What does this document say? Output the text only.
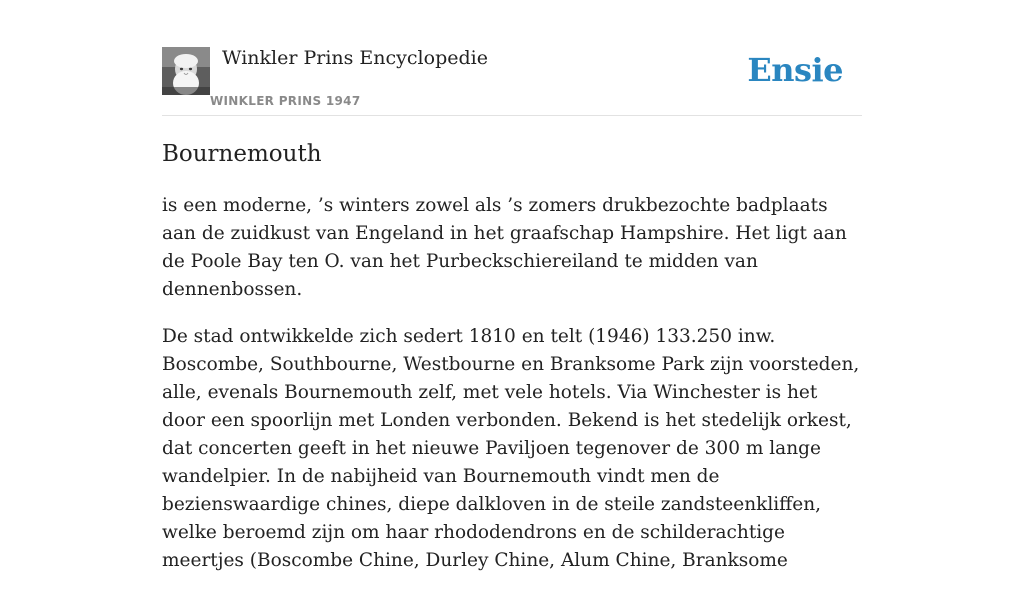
Winkler Prins Encyclopedie
WINKLER PRINS 1947
Ensie
Bournemouth

is een moderne, ’s winters zowel als ’s zomers drukbezochte badplaats aan de zuidkust van Engeland in het graafschap Hampshire. Het ligt aan de Poole Bay ten O. van het Purbeckschiereiland te midden van dennenbossen.

De stad ontwikkelde zich sedert 1810 en telt (1946) 133.250 inw. Boscombe, Southbourne, Westbourne en Branksome Park zijn voorsteden, alle, evenals Bournemouth zelf, met vele hotels. Via Winchester is het door een spoorlijn met Londen verbonden. Bekend is het stedelijk orkest, dat concerten geeft in het nieuwe Paviljoen tegenover de 300 m lange wandelpier. In de nabijheid van Bournemouth vindt men de bezienswaardige chines, diepe dalkloven in de steile zandsteenkliffen, welke beroemd zijn om haar rhododendrons en de schilderachtige meertjes (Boscombe Chine, Durley Chine, Alum Chine, Branksome
